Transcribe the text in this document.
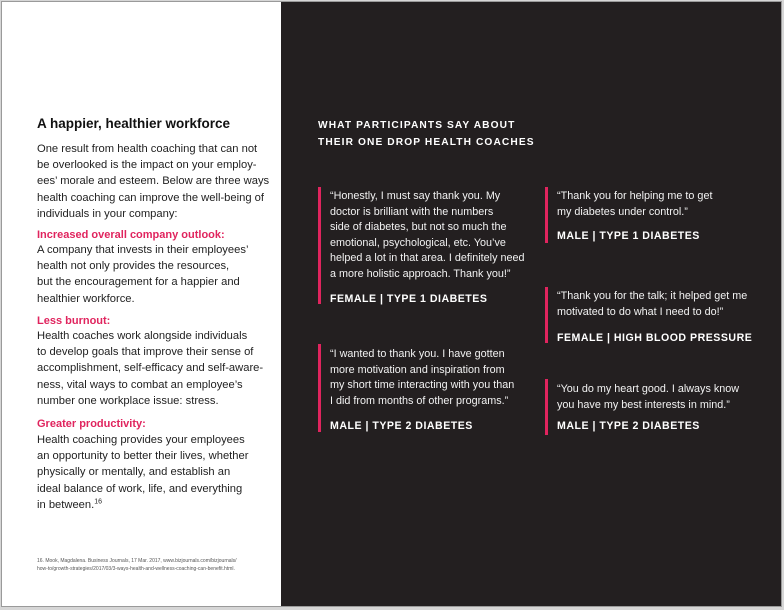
A happier, healthier workforce
One result from health coaching that can not
be overlooked is the impact on your employ-
ees’ morale and esteem. Below are three ways
health coaching can improve the well-being of
individuals in your company:
Increased overall company outlook:
A company that invests in their employees’
health not only provides the resources,
but the encouragement for a happier and
healthier workforce.
Less burnout:
Health coaches work alongside individuals
to develop goals that improve their sense of
accomplishment, self-efficacy and self-aware-
ness, vital ways to combat an employee’s
number one workplace issue: stress.
Greater productivity:
Health coaching provides your employees
an opportunity to better their lives, whether
physically or mentally, and establish an
ideal balance of work, life, and everything
in between.$^{16}$
16. Mook, Magdalena. Business Journals, 17 Mar. 2017, www.bizjournals.com/bizjournals/
how-to/growth-strategies/2017/03/3-ways-health-and-wellness-coaching-can-benefit.html.
WHAT PARTICIPANTS SAY ABOUT
THEIR ONE DROP HEALTH COACHES
“Honestly, I must say thank you. My
doctor is brilliant with the numbers
side of diabetes, but not so much the
emotional, psychological, etc. You’ve
helped a lot in that area. I definitely need
a more holistic approach. Thank you!”
FEMALE | TYPE 1 DIABETES
“I wanted to thank you. I have gotten
more motivation and inspiration from
my short time interacting with you than
I did from months of other programs.”
MALE | TYPE 2 DIABETES
“Thank you for helping me to get
my diabetes under control.”
MALE | TYPE 1 DIABETES
“Thank you for the talk; it helped get me
motivated to do what I need to do!”
FEMALE | HIGH BLOOD PRESSURE
“You do my heart good. I always know
you have my best interests in mind.”
MALE | TYPE 2 DIABETES
